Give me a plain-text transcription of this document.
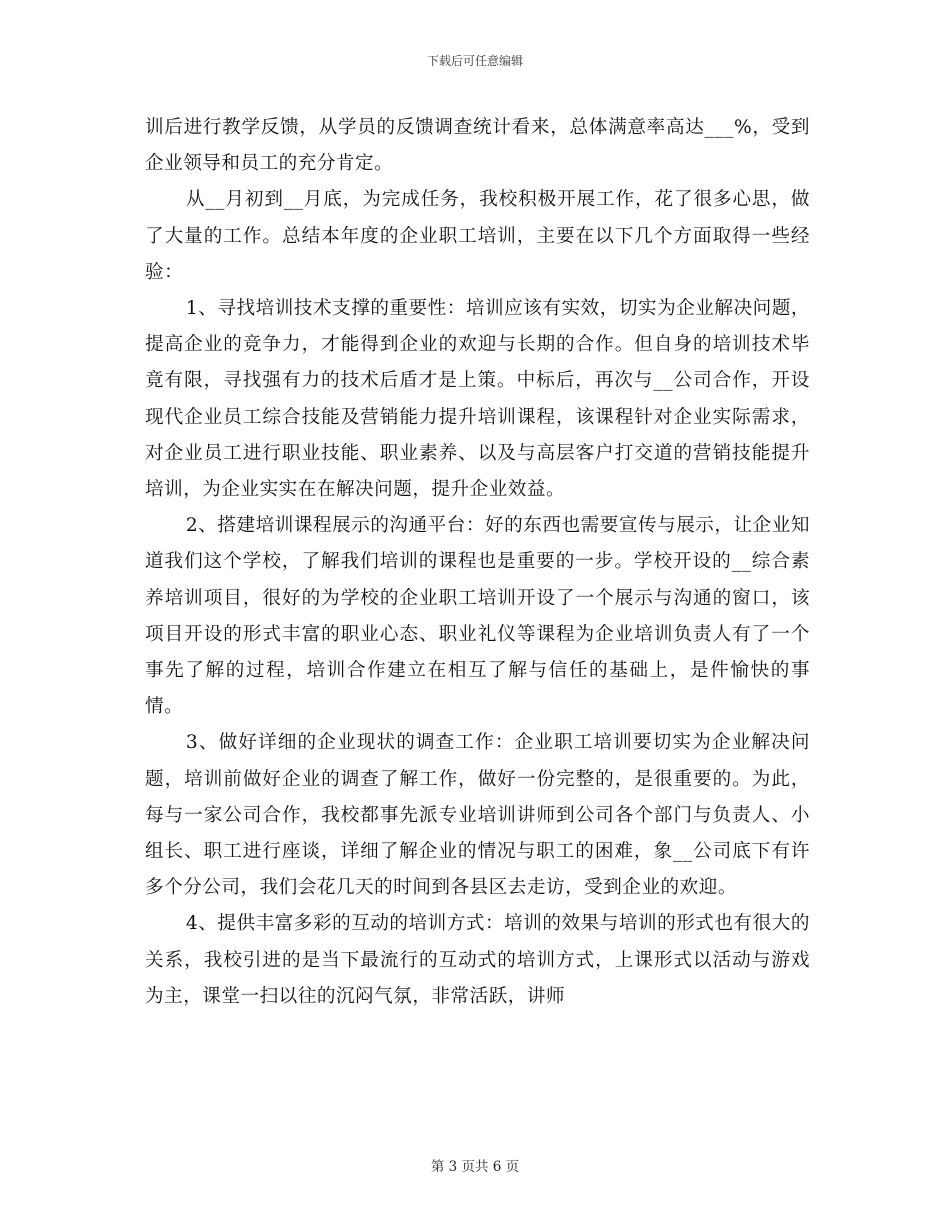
下载后可任意编辑

训后进行教学反馈，从学员的反馈调查统计看来，总体满意率高达___%，受到企业领导和员工的充分肯定。

从__月初到__月底，为完成任务，我校积极开展工作，花了很多心思，做了大量的工作。总结本年度的企业职工培训，主要在以下几个方面取得一些经验：

1、寻找培训技术支撑的重要性：培训应该有实效，切实为企业解决问题，提高企业的竞争力，才能得到企业的欢迎与长期的合作。但自身的培训技术毕竟有限，寻找强有力的技术后盾才是上策。中标后，再次与__公司合作，开设现代企业员工综合技能及营销能力提升培训课程，该课程针对企业实际需求，对企业员工进行职业技能、职业素养、以及与高层客户打交道的营销技能提升培训，为企业实实在在解决问题，提升企业效益。

2、搭建培训课程展示的沟通平台：好的东西也需要宣传与展示，让企业知道我们这个学校，了解我们培训的课程也是重要的一步。学校开设的__综合素养培训项目，很好的为学校的企业职工培训开设了一个展示与沟通的窗口，该项目开设的形式丰富的职业心态、职业礼仪等课程为企业培训负责人有了一个事先了解的过程，培训合作建立在相互了解与信任的基础上，是件愉快的事情。

3、做好详细的企业现状的调查工作：企业职工培训要切实为企业解决问题，培训前做好企业的调查了解工作，做好一份完整的，是很重要的。为此，每与一家公司合作，我校都事先派专业培训讲师到公司各个部门与负责人、小组长、职工进行座谈，详细了解企业的情况与职工的困难，象__公司底下有许多个分公司，我们会花几天的时间到各县区去走访，受到企业的欢迎。

4、提供丰富多彩的互动的培训方式：培训的效果与培训的形式也有很大的关系，我校引进的是当下最流行的互动式的培训方式，上课形式以活动与游戏为主，课堂一扫以往的沉闷气氛，非常活跃，讲师

第 3 页共 6 页
